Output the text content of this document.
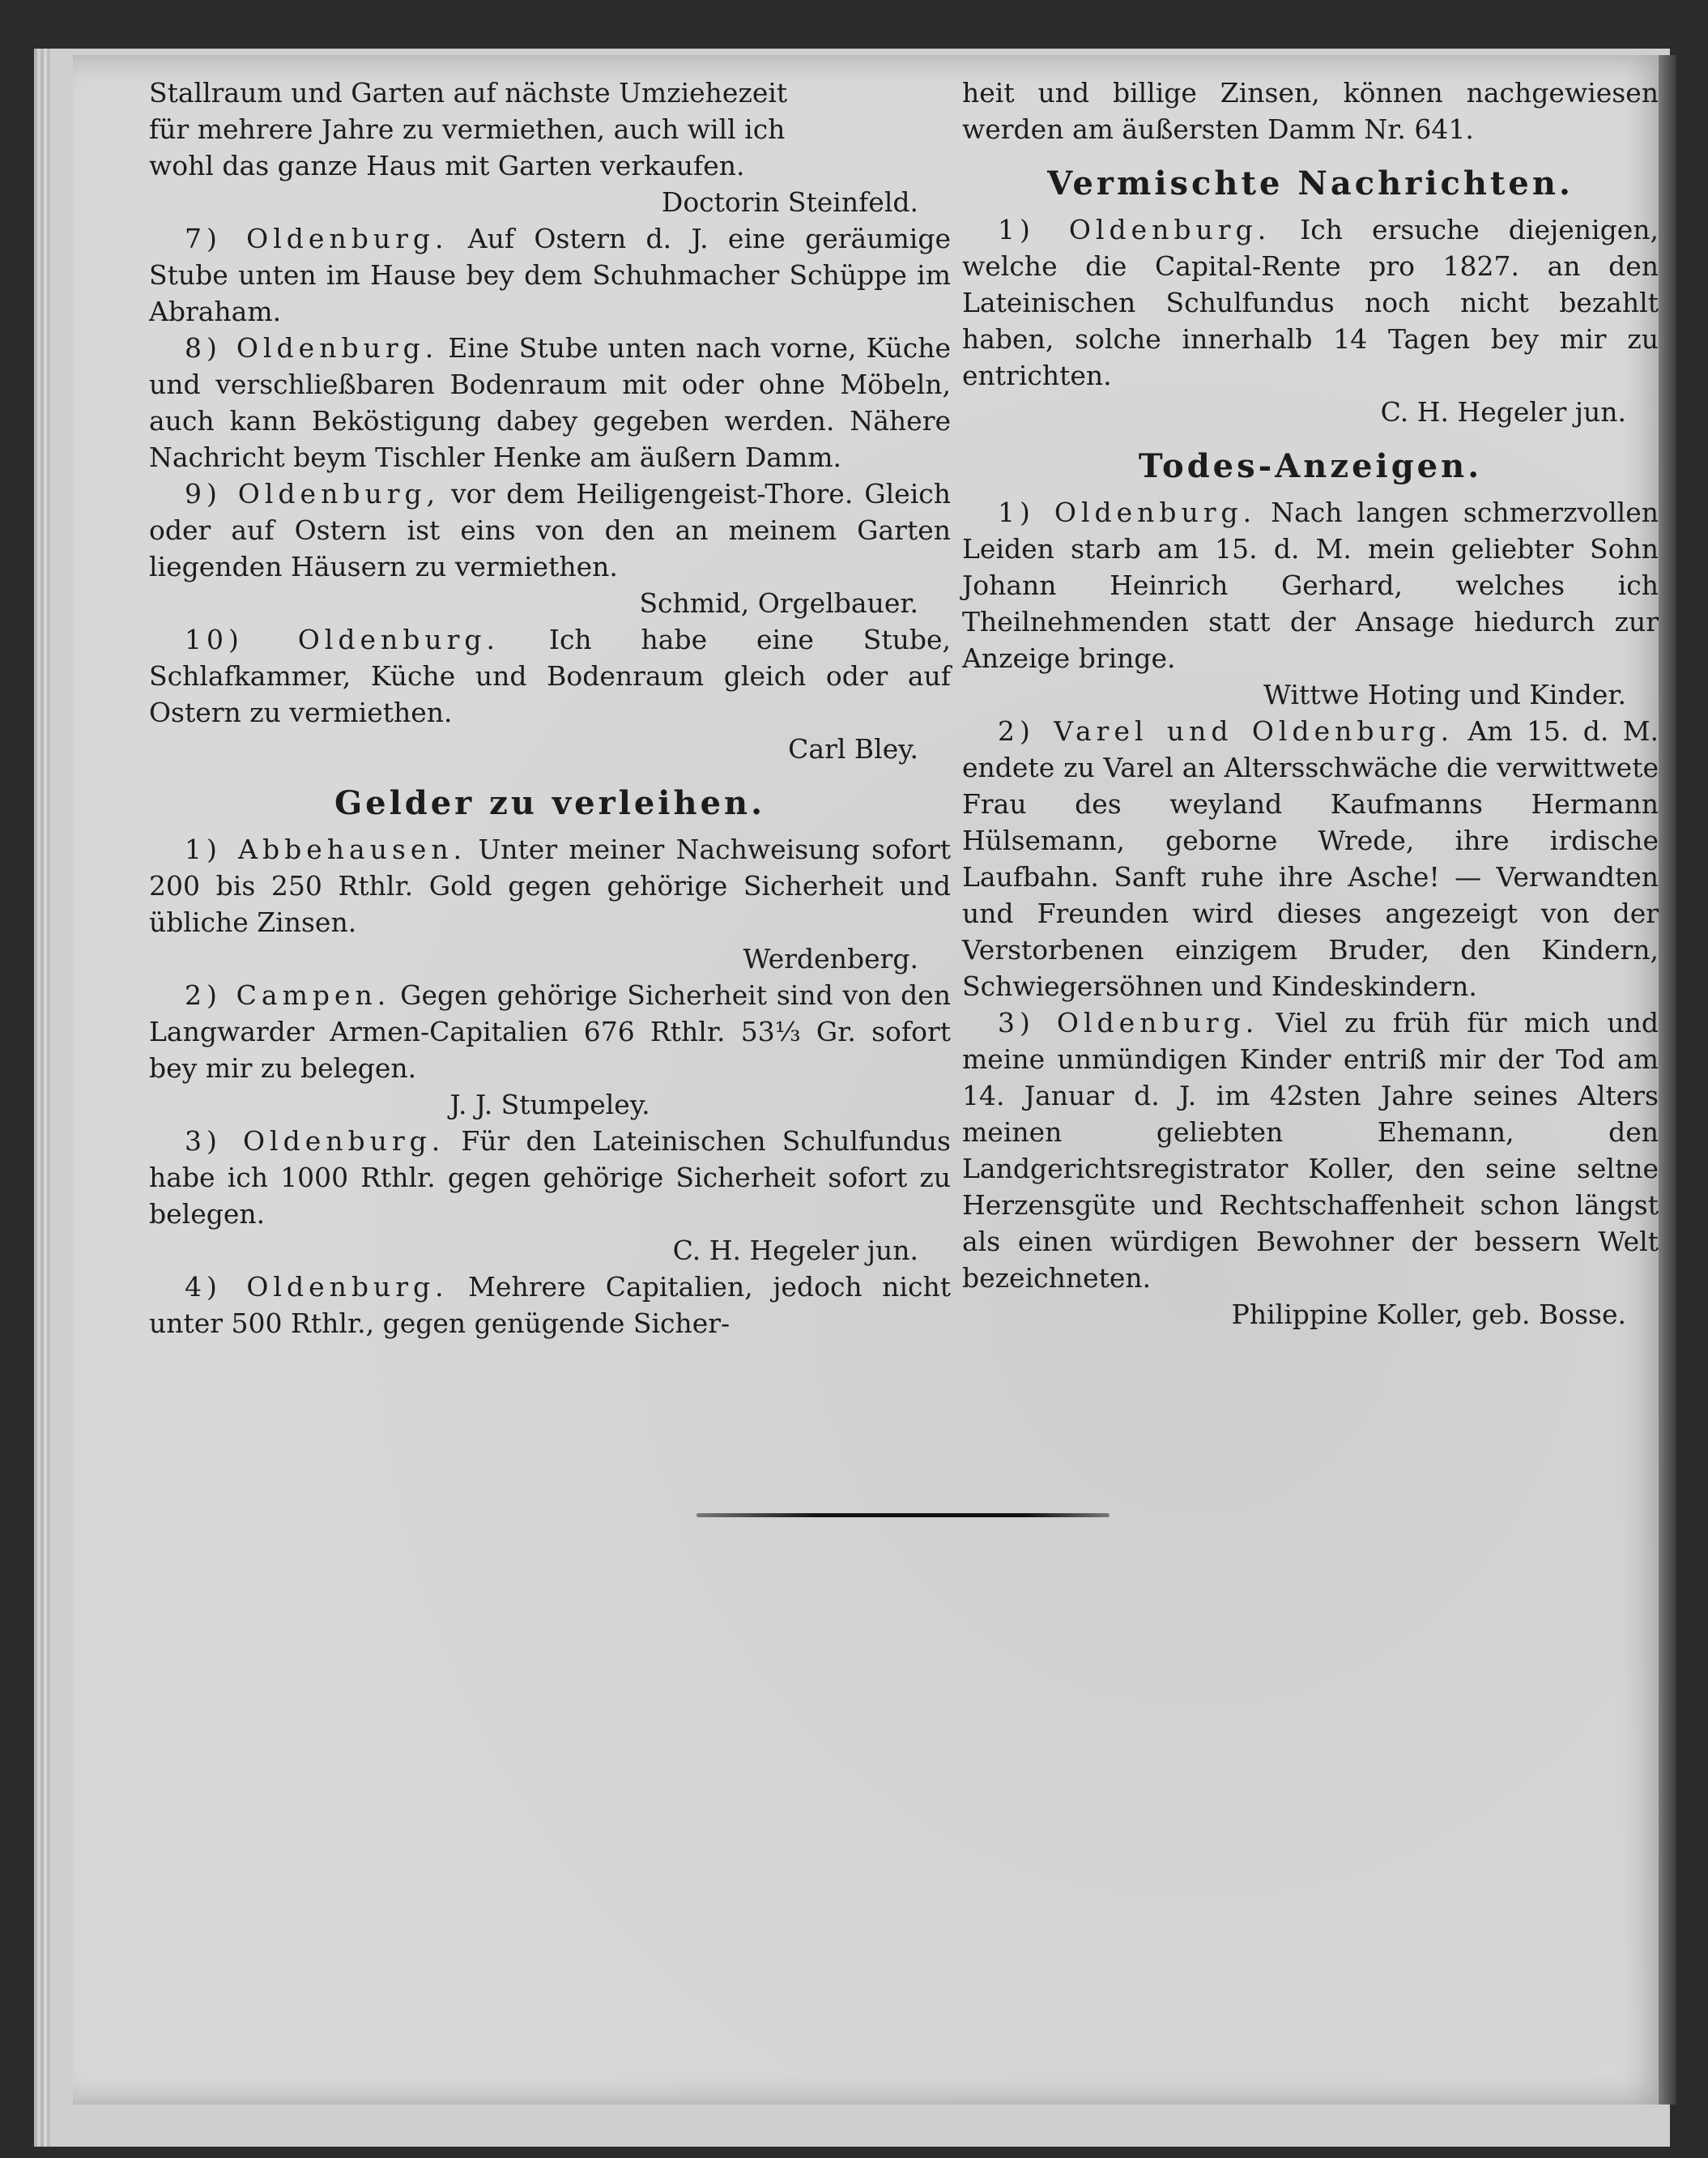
Stallraum und Garten auf nächste Umziehezeit

für mehrere Jahre zu vermiethen, auch will ich

wohl das ganze Haus mit Garten verkaufen.

Doctorin Steinfeld.

7) Oldenburg. Auf Ostern d. J. eine geräumige Stube unten im Hause bey dem Schuhmacher Schüppe im Abraham.

8) Oldenburg. Eine Stube unten nach vorne, Küche und verschließbaren Bodenraum mit oder ohne Möbeln, auch kann Beköstigung dabey gegeben werden. Nähere Nachricht beym Tischler Henke am äußern Damm.

9) Oldenburg, vor dem Heiligengeist-Thore. Gleich oder auf Ostern ist eins von den an meinem Garten liegenden Häusern zu vermiethen.

Schmid, Orgelbauer.

10) Oldenburg. Ich habe eine Stube, Schlafkammer, Küche und Bodenraum gleich oder auf Ostern zu vermiethen.

Carl Bley.

Gelder zu verleihen.

1) Abbehausen. Unter meiner Nachweisung sofort 200 bis 250 Rthlr. Gold gegen gehörige Sicherheit und übliche Zinsen.

Werdenberg.

2) Campen. Gegen gehörige Sicherheit sind von den Langwarder Armen-Capitalien 676 Rthlr. 53⅓ Gr. sofort bey mir zu belegen.

J. J. Stumpeley.

3) Oldenburg. Für den Lateinischen Schulfundus habe ich 1000 Rthlr. gegen gehörige Sicherheit sofort zu belegen.

C. H. Hegeler jun.

4) Oldenburg. Mehrere Capitalien, jedoch nicht unter 500 Rthlr., gegen genügende Sicher-

heit und billige Zinsen, können nachgewiesen werden am äußersten Damm Nr. 641.

Vermischte Nachrichten.

1) Oldenburg. Ich ersuche diejenigen, welche die Capital-Rente pro 1827. an den Lateinischen Schulfundus noch nicht bezahlt haben, solche innerhalb 14 Tagen bey mir zu entrichten.

C. H. Hegeler jun.

Todes-Anzeigen.

1) Oldenburg. Nach langen schmerzvollen Leiden starb am 15. d. M. mein geliebter Sohn Johann Heinrich Gerhard, welches ich Theilnehmenden statt der Ansage hiedurch zur Anzeige bringe.

Wittwe Hoting und Kinder.

2) Varel und Oldenburg. Am 15. d. M. endete zu Varel an Altersschwäche die verwittwete Frau des weyland Kaufmanns Hermann Hülsemann, geborne Wrede, ihre irdische Laufbahn. Sanft ruhe ihre Asche! — Verwandten und Freunden wird dieses angezeigt von der Verstorbenen einzigem Bruder, den Kindern, Schwiegersöhnen und Kindeskindern.

3) Oldenburg. Viel zu früh für mich und meine unmündigen Kinder entriß mir der Tod am 14. Januar d. J. im 42sten Jahre seines Alters meinen geliebten Ehemann, den Landgerichtsregistrator Koller, den seine seltne Herzensgüte und Rechtschaffenheit schon längst als einen würdigen Bewohner der bessern Welt bezeichneten.

Philippine Koller, geb. Bosse.
